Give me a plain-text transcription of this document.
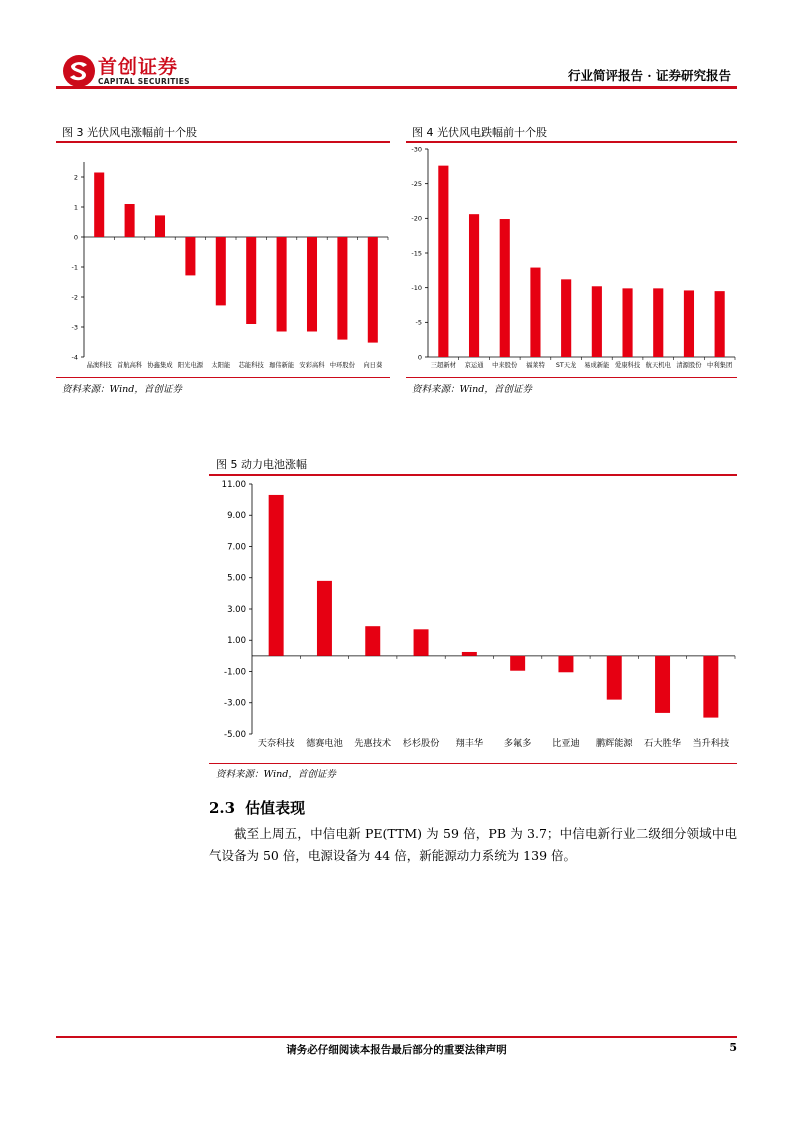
首创证券
CAPITAL SECURITIES	行业简评报告 · 证券研究报告
图 3 光伏风电涨幅前十个股
2
1
0
-1
-2
-3
-4
晶澳科技 首航高科 协鑫集成 阳光电源 太阳能 芯能科技 珈伟新能 安彩高科 中环股份 向日葵
资料来源：Wind，首创证券
图 4 光伏风电跌幅前十个股
-30
-25
-20
-15
-10
-5
0
三超新材 京运通 中来股份 福莱特 ST天龙 易成新能 爱康科技 航天机电 清源股份 中利集团
资料来源：Wind，首创证券
图 5 动力电池涨幅
11.00
9.00
7.00
5.00
3.00
1.00
-1.00
-3.00
-5.00
天奈科技 德赛电池 先惠技术 杉杉股份 翔丰华 多氟多 比亚迪 鹏辉能源 石大胜华 当升科技
资料来源：Wind，首创证券
2.3 估值表现
截至上周五，中信电新 PE(TTM) 为 59 倍，PB 为 3.7；中信电新行业二级细分领域中电气设备为 50 倍，电源设备为 44 倍，新能源动力系统为 139 倍。
请务必仔细阅读本报告最后部分的重要法律声明	5
